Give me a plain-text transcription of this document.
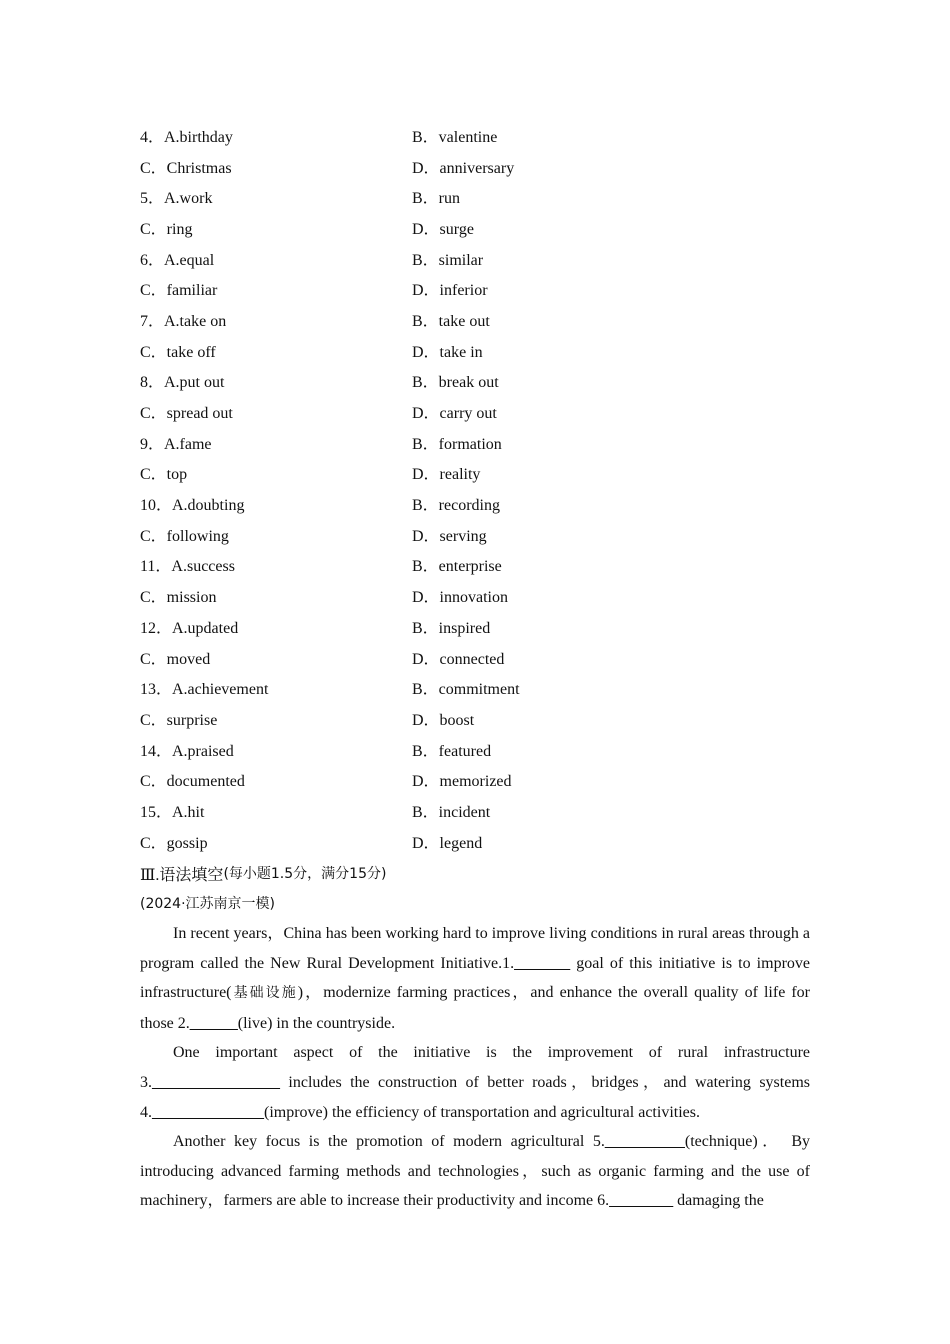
4．A.birthday	B．valentine
C．Christmas	D．anniversary
5．A.work	B．run
C．ring	D．surge
6．A.equal	B．similar
C．familiar	D．inferior
7．A.take on	B．take out
C．take off	D．take in
8．A.put out	B．break out
C．spread out	D．carry out
9．A.fame	B．formation
C．top	D．reality
10．A.doubting	B．recording
C．following	D．serving
11．A.success	B．enterprise
C．mission	D．innovation
12．A.updated	B．inspired
C．moved	D．connected
13．A.achievement	B．commitment
C．surprise	D．boost
14．A.praised	B．featured
C．documented	D．memorized
15．A.hit	B．incident
C．gossip	D．legend
Ⅲ.语法填空 (每小题1.5分，满分15分)
(2024·江苏南京一模)

In recent years，China has been working hard to improve living conditions in rural areas through a program called the New Rural Development Initiative.1._______ goal of this initiative is to improve infrastructure(基础设施)，modernize farming practices，and enhance the overall quality of life for those 2.______(live) in the countryside.

One important aspect of the initiative is the improvement of rural infrastructure 3.________________ includes the construction of better roads，bridges，and watering systems 4.______________(improve) the efficiency of transportation and agricultural activities.

Another key focus is the promotion of modern agricultural 5.__________(technique)． By introducing advanced farming methods and technologies，such as organic farming and the use of machinery，farmers are able to increase their productivity and income 6.________ damaging the
